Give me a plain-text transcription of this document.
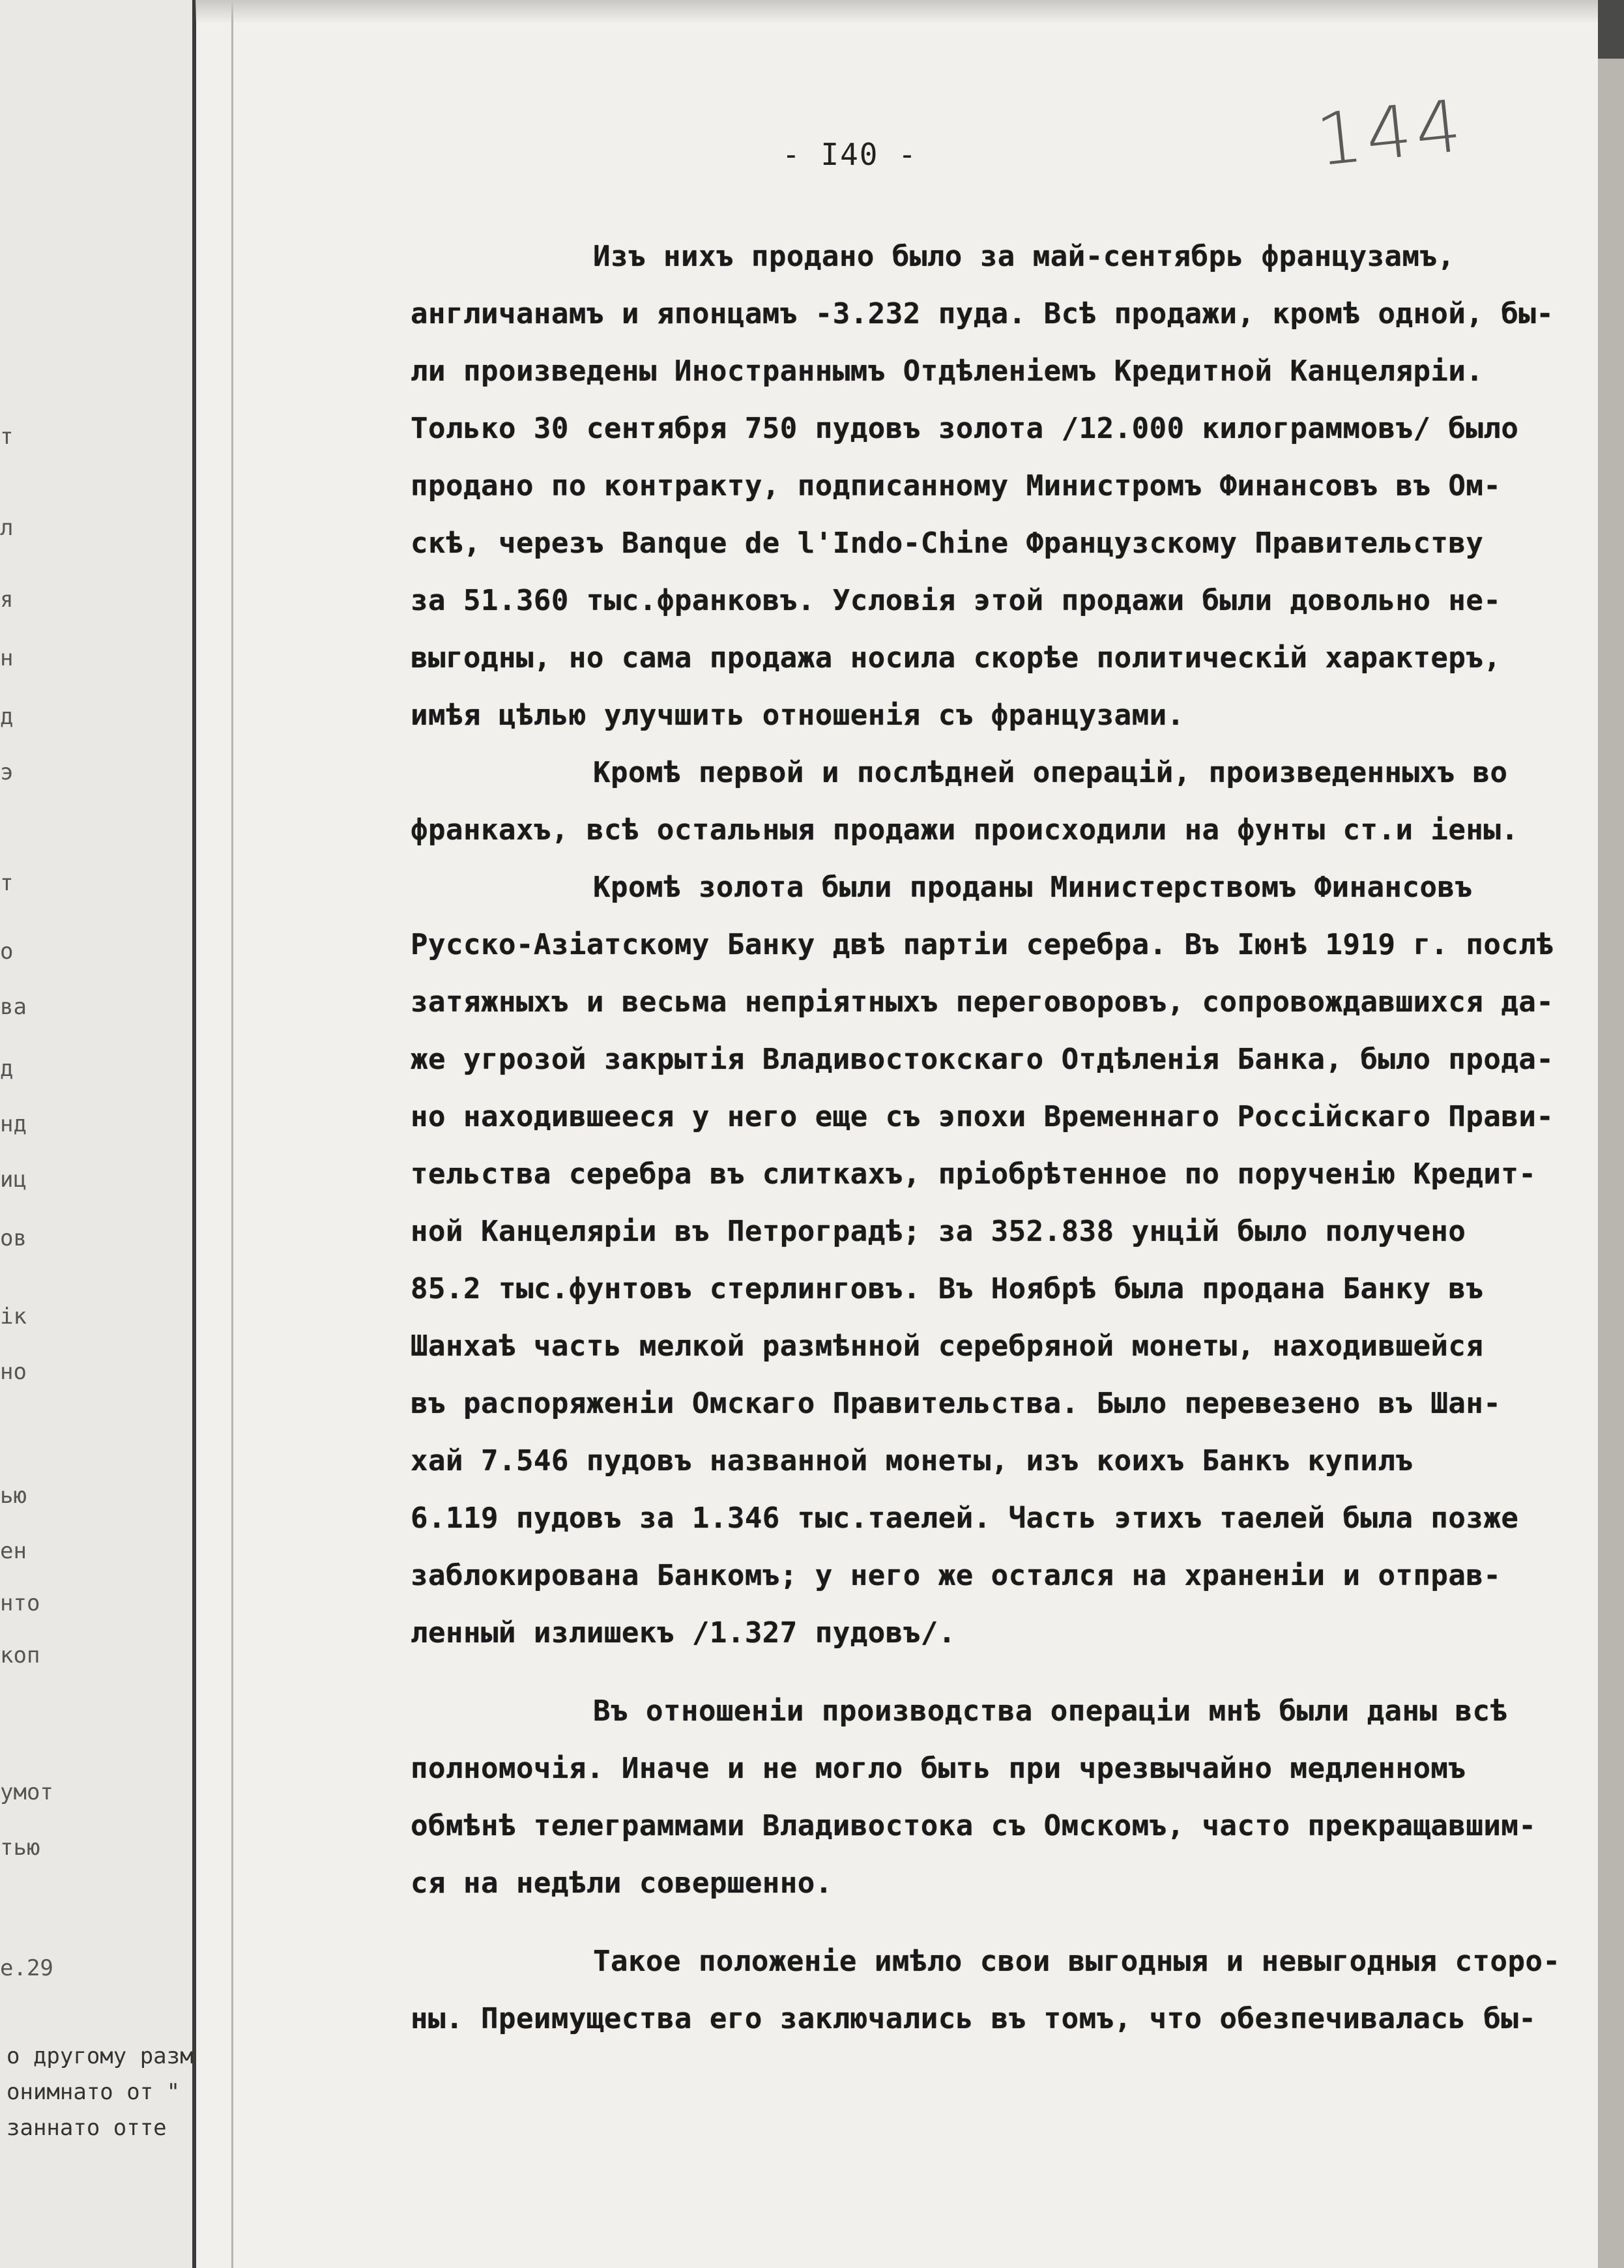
т
л
я
н
д
э
т
о
ва
д
нд
иц
ов
ік
но
ью
ен
нто
коп
умот
тью
е.29
о другому разм
онимнато от "
заннато отте
144
- I40 -
Изъ нихъ продано было за май-сентябрь французамъ,
англичанамъ и японцамъ -3.232 пуда. Всѣ продажи, кромѣ одной, бы-
ли произведены Иностраннымъ Отдѣленіемъ Кредитной Канцеляріи.
Только 30 сентября 750 пудовъ золота /12.000 килограммовъ/ было
продано по контракту, подписанному Министромъ Финансовъ въ Ом-
скѣ, черезъ Banque de l'Indo-Chine Французскому Правительству
за 51.360 тыс.франковъ. Условія этой продажи были довольно не-
выгодны, но сама продажа носила скорѣе политическій характеръ,
имѣя цѣлью улучшить отношенія съ французами.
Кромѣ первой и послѣдней операцій, произведенныхъ во
франкахъ, всѣ остальныя продажи происходили на фунты ст.и іены.
Кромѣ золота были проданы Министерствомъ Финансовъ
Русско-Азіатскому Банку двѣ партіи серебра. Въ Іюнѣ 1919 г. послѣ
затяжныхъ и весьма непріятныхъ переговоровъ, сопровождавшихся да-
же угрозой закрытія Владивостокскаго Отдѣленія Банка, было прода-
но находившееся у него еще съ эпохи Временнаго Россійскаго Прави-
тельства серебра въ слиткахъ, пріобрѣтенное по порученію Кредит-
ной Канцеляріи въ Петроградѣ; за 352.838 унцій было получено
85.2 тыс.фунтовъ стерлинговъ. Въ Ноябрѣ была продана Банку въ
Шанхаѣ часть мелкой размѣнной серебряной монеты, находившейся
въ распоряженіи Омскаго Правительства. Было перевезено въ Шан-
хай 7.546 пудовъ названной монеты, изъ коихъ Банкъ купилъ
6.119 пудовъ за 1.346 тыс.таелей. Часть этихъ таелей была позже
заблокирована Банкомъ; у него же остался на храненіи и отправ-
ленный излишекъ /1.327 пудовъ/.
Въ отношеніи производства операціи мнѣ были даны всѣ
полномочія. Иначе и не могло быть при чрезвычайно медленномъ
обмѣнѣ телеграммами Владивостока съ Омскомъ, часто прекращавшим-
ся на недѣли совершенно.
Такое положеніе имѣло свои выгодныя и невыгодныя сторо-
ны. Преимущества его заключались въ томъ, что обезпечивалась бы-
